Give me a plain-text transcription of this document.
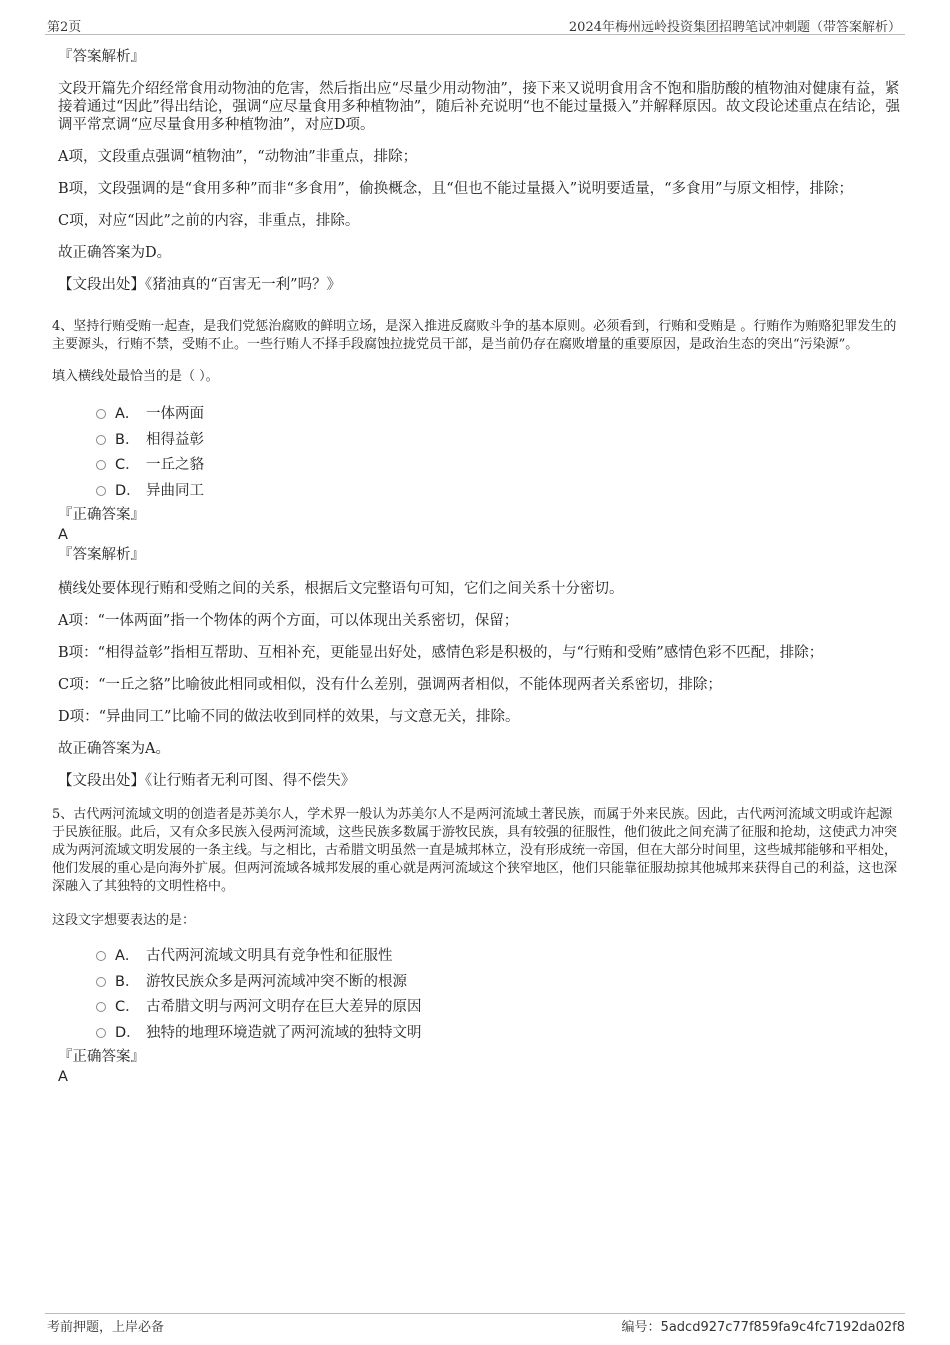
第2页	2024年梅州远岭投资集团招聘笔试冲刺题（带答案解析）
『答案解析』
文段开篇先介绍经常食用动物油的危害，然后指出应“尽量少用动物油”，接下来又说明食用含不饱和脂肪酸的植物油对健康有益，紧接着通过“因此”得出结论，强调“应尽量食用多种植物油”，随后补充说明“也不能过量摄入”并解释原因。故文段论述重点在结论，强调平常烹调“应尽量食用多种植物油”，对应D项。
A项，文段重点强调“植物油”，“动物油”非重点，排除；
B项，文段强调的是“食用多种”而非“多食用”，偷换概念，且“但也不能过量摄入”说明要适量，“多食用”与原文相悖，排除；
C项，对应“因此”之前的内容，非重点，排除。
故正确答案为D。
【文段出处】《猪油真的“百害无一利”吗？》
4、坚持行贿受贿一起查，是我们党惩治腐败的鲜明立场，是深入推进反腐败斗争的基本原则。必须看到，行贿和受贿是 。行贿作为贿赂犯罪发生的主要源头，行贿不禁，受贿不止。一些行贿人不择手段腐蚀拉拢党员干部，是当前仍存在腐败增量的重要原因，是政治生态的突出“污染源”。
填入横线处最恰当的是（ ）。
A． 一体两面
B． 相得益彰
C． 一丘之貉
D． 异曲同工
『正确答案』
A
『答案解析』
横线处要体现行贿和受贿之间的关系，根据后文完整语句可知，它们之间关系十分密切。
A项：“一体两面”指一个物体的两个方面，可以体现出关系密切，保留；
B项：“相得益彰”指相互帮助、互相补充，更能显出好处，感情色彩是积极的，与“行贿和受贿”感情色彩不匹配，排除；
C项：“一丘之貉”比喻彼此相同或相似，没有什么差别，强调两者相似，不能体现两者关系密切，排除；
D项：“异曲同工”比喻不同的做法收到同样的效果，与文意无关，排除。
故正确答案为A。
【文段出处】《让行贿者无利可图、得不偿失》
5、古代两河流域文明的创造者是苏美尔人，学术界一般认为苏美尔人不是两河流域土著民族，而属于外来民族。因此，古代两河流域文明或许起源于民族征服。此后，又有众多民族入侵两河流域，这些民族多数属于游牧民族，具有较强的征服性，他们彼此之间充满了征服和抢劫，这使武力冲突成为两河流域文明发展的一条主线。与之相比，古希腊文明虽然一直是城邦林立，没有形成统一帝国，但在大部分时间里，这些城邦能够和平相处，他们发展的重心是向海外扩展。但两河流域各城邦发展的重心就是两河流域这个狭窄地区，他们只能靠征服劫掠其他城邦来获得自己的利益，这也深深融入了其独特的文明性格中。
这段文字想要表达的是：
A． 古代两河流域文明具有竞争性和征服性
B． 游牧民族众多是两河流域冲突不断的根源
C． 古希腊文明与两河文明存在巨大差异的原因
D． 独特的地理环境造就了两河流域的独特文明
『正确答案』
A
考前押题，上岸必备	编号：5adcd927c77f859fa9c4fc7192da02f8
